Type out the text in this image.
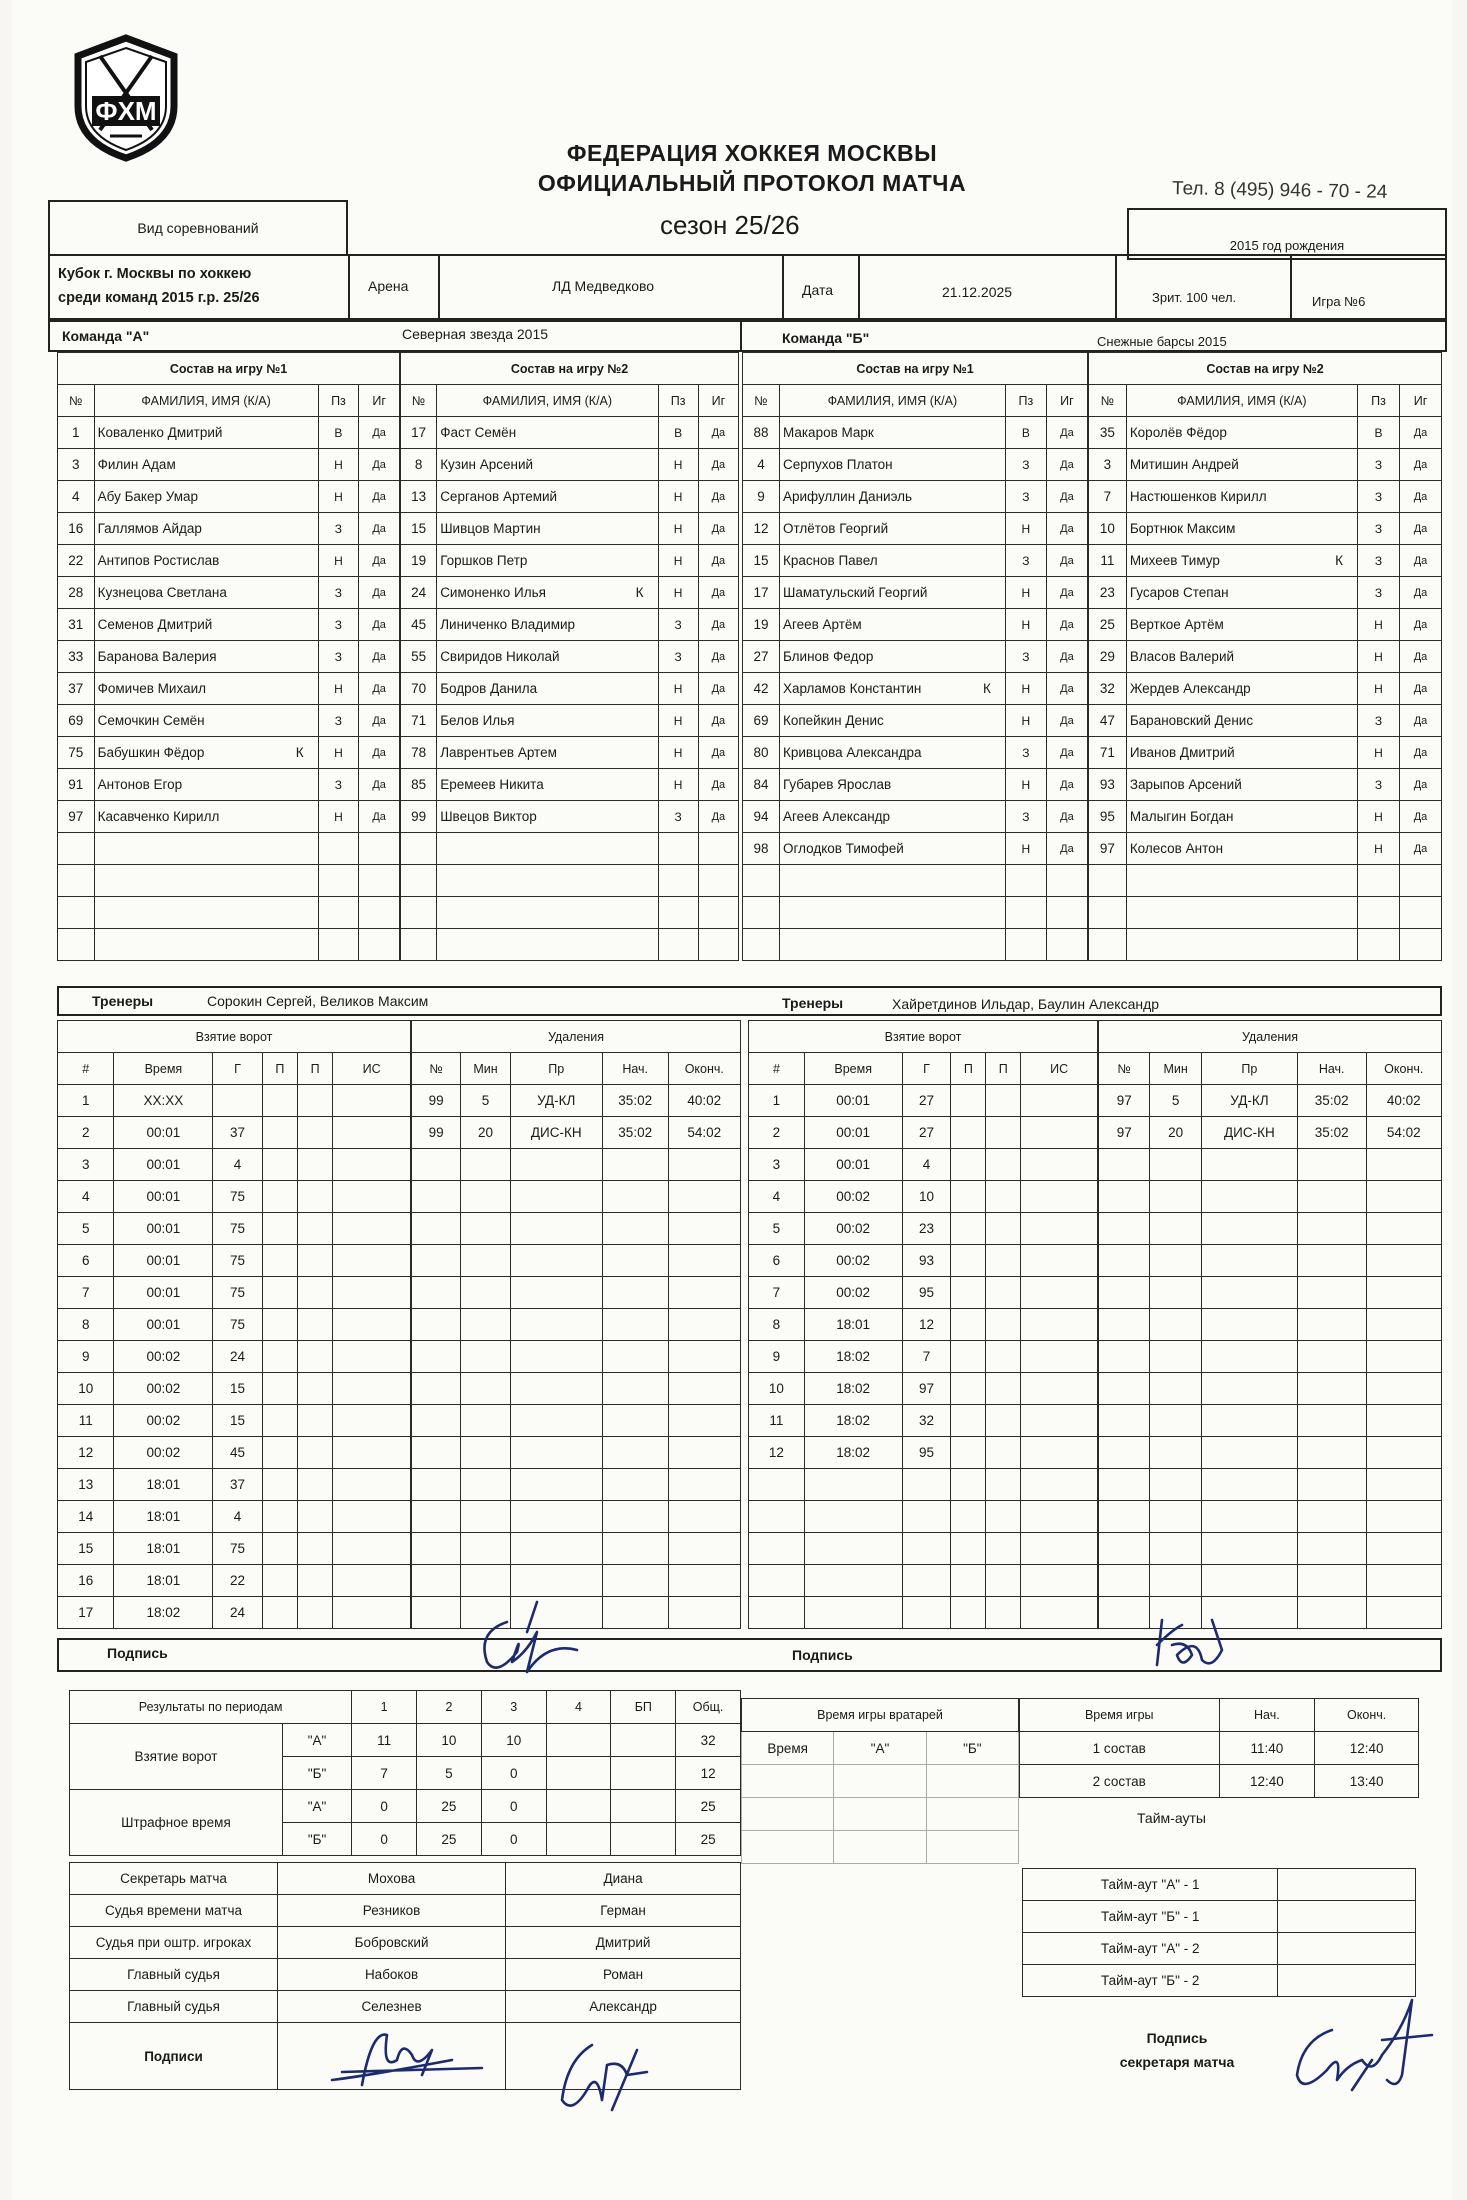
ФХМ
ФЕДЕРАЦИЯ ХОККЕЯ МОСКВЫ
ОФИЦИАЛЬНЫЙ ПРОТОКОЛ МАТЧА	Тел. 8 (495) 946 - 70 - 24
Вид соревнований	сезон 25/26
2015 год рождения
Кубок г. Москвы по хоккею
среди команд 2015 г.р. 25/26
Арена	ЛД Медведково	Дата	21.12.2025	Зрит. 100 чел.	Игра №6
Команда "А"	Северная звезда 2015	Команда "Б"	Снежные барсы 2015
Состав на игру №1			
№	ФАМИЛИЯ, ИМЯ (К/А)	Пз	Иг
1	Коваленко Дмитрий	В	Да
3	Филин Адам	Н	Да
4	Абу Бакер Умар	Н	Да
16	Галлямов Айдар	З	Да
22	Антипов Ростислав	Н	Да
28	Кузнецова Светлана	З	Да
31	Семенов Дмитрий	З	Да
33	Баранова Валерия	З	Да
37	Фомичев Михаил	Н	Да
69	Семочкин Семён	З	Да
75	Бабушкин Фёдор К	Н	Да
91	Антонов Егор	З	Да
97	Касавченко Кирилл	Н	Да

Состав на игру №2			
№	ФАМИЛИЯ, ИМЯ (К/А)	Пз	Иг
17	Фаст Семён	В	Да
8	Кузин Арсений	Н	Да
13	Серганов Артемий	Н	Да
15	Шивцов Мартин	Н	Да
19	Горшков Петр	Н	Да
24	Симоненко Илья К	Н	Да
45	Линиченко Владимир	З	Да
55	Свиридов Николай	З	Да
70	Бодров Данила	Н	Да
71	Белов Илья	Н	Да
78	Лаврентьев Артем	Н	Да
85	Еремеев Никита	Н	Да
99	Швецов Виктор	З	Да

Состав на игру №1			
№	ФАМИЛИЯ, ИМЯ (К/А)	Пз	Иг
88	Макаров Марк	В	Да
4	Серпухов Платон	З	Да
9	Арифуллин Даниэль	З	Да
12	Отлётов Георгий	Н	Да
15	Краснов Павел	З	Да
17	Шаматульский Георгий	Н	Да
19	Агеев Артём	Н	Да
27	Блинов Федор	З	Да
42	Харламов Константин К	Н	Да
69	Копейкин Денис	Н	Да
80	Кривцова Александра	З	Да
84	Губарев Ярослав	Н	Да
94	Агеев Александр	З	Да
98	Оглодков Тимофей	Н	Да

Состав на игру №2			
№	ФАМИЛИЯ, ИМЯ (К/А)	Пз	Иг
35	Королёв Фёдор	В	Да
3	Митишин Андрей	З	Да
7	Настюшенков Кирилл	З	Да
10	Бортнюк Максим	З	Да
11	Михеев Тимур К	З	Да
23	Гусаров Степан	З	Да
25	Верткое Артём	Н	Да
29	Власов Валерий	Н	Да
32	Жердев Александр	Н	Да
47	Барановский Денис	З	Да
71	Иванов Дмитрий	Н	Да
93	Зарыпов Арсений	З	Да
95	Малыгин Богдан	Н	Да
97	Колесов Антон	Н	Да

Тренеры	Сорокин Сергей, Великов Максим	Тренеры	Хайретдинов Ильдар, Баулин Александр
Взятие ворот					
#	Время	Г	П	П	ИС
1	XX:XX				
2	00:01	37			
3	00:01	4			
4	00:01	75			
5	00:01	75			
6	00:01	75			
7	00:01	75			
8	00:01	75			
9	00:02	24			
10	00:02	15			
11	00:02	15			
12	00:02	45			
13	18:01	37			
14	18:01	4			
15	18:01	75			
16	18:01	22			
17	18:02	24			
Удаления				
№	Мин	Пр	Нач.	Оконч.
99	5	УД-КЛ	35:02	40:02
99	20	ДИС-КН	35:02	54:02

Взятие ворот					
#	Время	Г	П	П	ИС
1	00:01	27			
2	00:01	27			
3	00:01	4			
4	00:02	10			
5	00:02	23			
6	00:02	93			
7	00:02	95			
8	18:01	12			
9	18:02	7			
10	18:02	97			
11	18:02	32			
12	18:02	95			

Удаления				
№	Мин	Пр	Нач.	Оконч.
97	5	УД-КЛ	35:02	40:02
97	20	ДИС-КН	35:02	54:02

Подпись	Подпись
Результаты по периодам		1	2	3	4	БП	Общ.
Взятие ворот	"А"	11	10	10			32
	"Б"	7	5	0			12
Штрафное время	"А"	0	25	0			25
	"Б"	0	25	0			25
Время игры вратарей		
Время	"А"	"Б"

Время игры	Нач.	Оконч.
1 состав	11:40	12:40
2 состав	12:40	13:40
Тайм-ауты
Тайм-аут "А" - 1	
Тайм-аут "Б" - 1	
Тайм-аут "А" - 2	
Тайм-аут "Б" - 2	
Секретарь матча	Мохова	Диана
Судья времени матча	Резников	Герман
Судья при оштр. игроках	Бобровский	Дмитрий
Главный судья	Набоков	Роман
Главный судья	Селезнев	Александр
Подписи		
Подпись
секретаря матча
